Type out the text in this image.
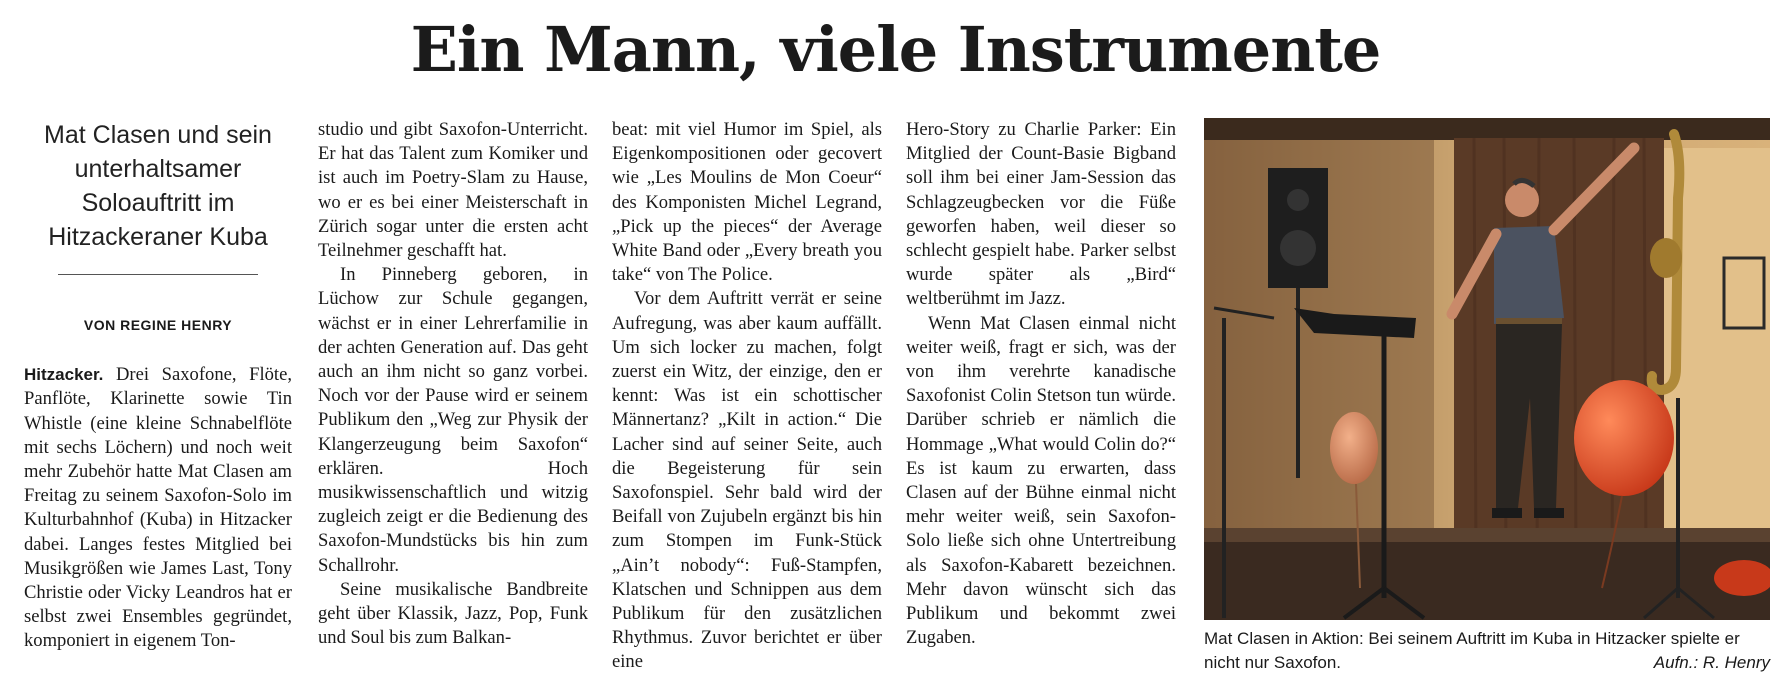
Ein Mann, viele Instrumente
Mat Clasen und sein unterhaltsamer Soloauftritt im Hitzackeraner Kuba
VON REGINE HENRY

Hitzacker. Drei Saxofone, Flöte, Panflöte, Klarinette sowie Tin Whistle (eine kleine Schnabelflöte mit sechs Löchern) und noch weit mehr Zubehör hatte Mat Clasen am Freitag zu seinem Saxofon-Solo im Kulturbahnhof (Kuba) in Hitzacker dabei. Langes festes Mitglied bei Musikgrößen wie James Last, Tony Christie oder Vicky Leandros hat er selbst zwei Ensembles gegründet, komponiert in eigenem Ton-

studio und gibt Saxofon-Unterricht. Er hat das Talent zum Komiker und ist auch im Poetry-Slam zu Hause, wo er es bei einer Meisterschaft in Zürich sogar unter die ersten acht Teilnehmer geschafft hat.

In Pinneberg geboren, in Lüchow zur Schule gegangen, wächst er in einer Lehrerfamilie in der achten Generation auf. Das geht auch an ihm nicht so ganz vorbei. Noch vor der Pause wird er seinem Publikum den „Weg zur Physik der Klangerzeugung beim Saxofon“ erklären. Hoch musikwissenschaftlich und witzig zugleich zeigt er die Bedienung des Saxofon-Mundstücks bis hin zum Schallrohr.

Seine musikalische Bandbreite geht über Klassik, Jazz, Pop, Funk und Soul bis zum Balkan-

beat: mit viel Humor im Spiel, als Eigenkompositionen oder gecovert wie „Les Moulins de Mon Coeur“ des Komponisten Michel Legrand, „Pick up the pieces“ der Average White Band oder „Every breath you take“ von The Police.

Vor dem Auftritt verrät er seine Aufregung, was aber kaum auffällt. Um sich locker zu machen, folgt zuerst ein Witz, der einzige, den er kennt: Was ist ein schottischer Männertanz? „Kilt in action.“ Die Lacher sind auf seiner Seite, auch die Begeisterung für sein Saxofonspiel. Sehr bald wird der Beifall von Zujubeln ergänzt bis hin zum Stompen im Funk-Stück „Ain’t nobody“: Fuß-Stampfen, Klatschen und Schnippen aus dem Publikum für den zusätzlichen Rhythmus. Zuvor berichtet er über eine

Hero-Story zu Charlie Parker: Ein Mitglied der Count-Basie Bigband soll ihm bei einer Jam-Session das Schlagzeugbecken vor die Füße geworfen haben, weil dieser so schlecht gespielt habe. Parker selbst wurde später als „Bird“ weltberühmt im Jazz.

Wenn Mat Clasen einmal nicht weiter weiß, fragt er sich, was der von ihm verehrte kanadische Saxofonist Colin Stetson tun würde. Darüber schrieb er nämlich die Hommage „What would Colin do?“ Es ist kaum zu erwarten, dass Clasen auf der Bühne einmal nicht mehr weiter weiß, sein Saxofon-Solo ließe sich ohne Untertreibung als Saxofon-Kabarett bezeichnen. Mehr davon wünscht sich das Publikum und bekommt zwei Zugaben.	Mat Clasen in Aktion: Bei seinem Auftritt im Kuba in Hitzacker spielte er nicht nur Saxofon.	Aufn.: R. Henry
